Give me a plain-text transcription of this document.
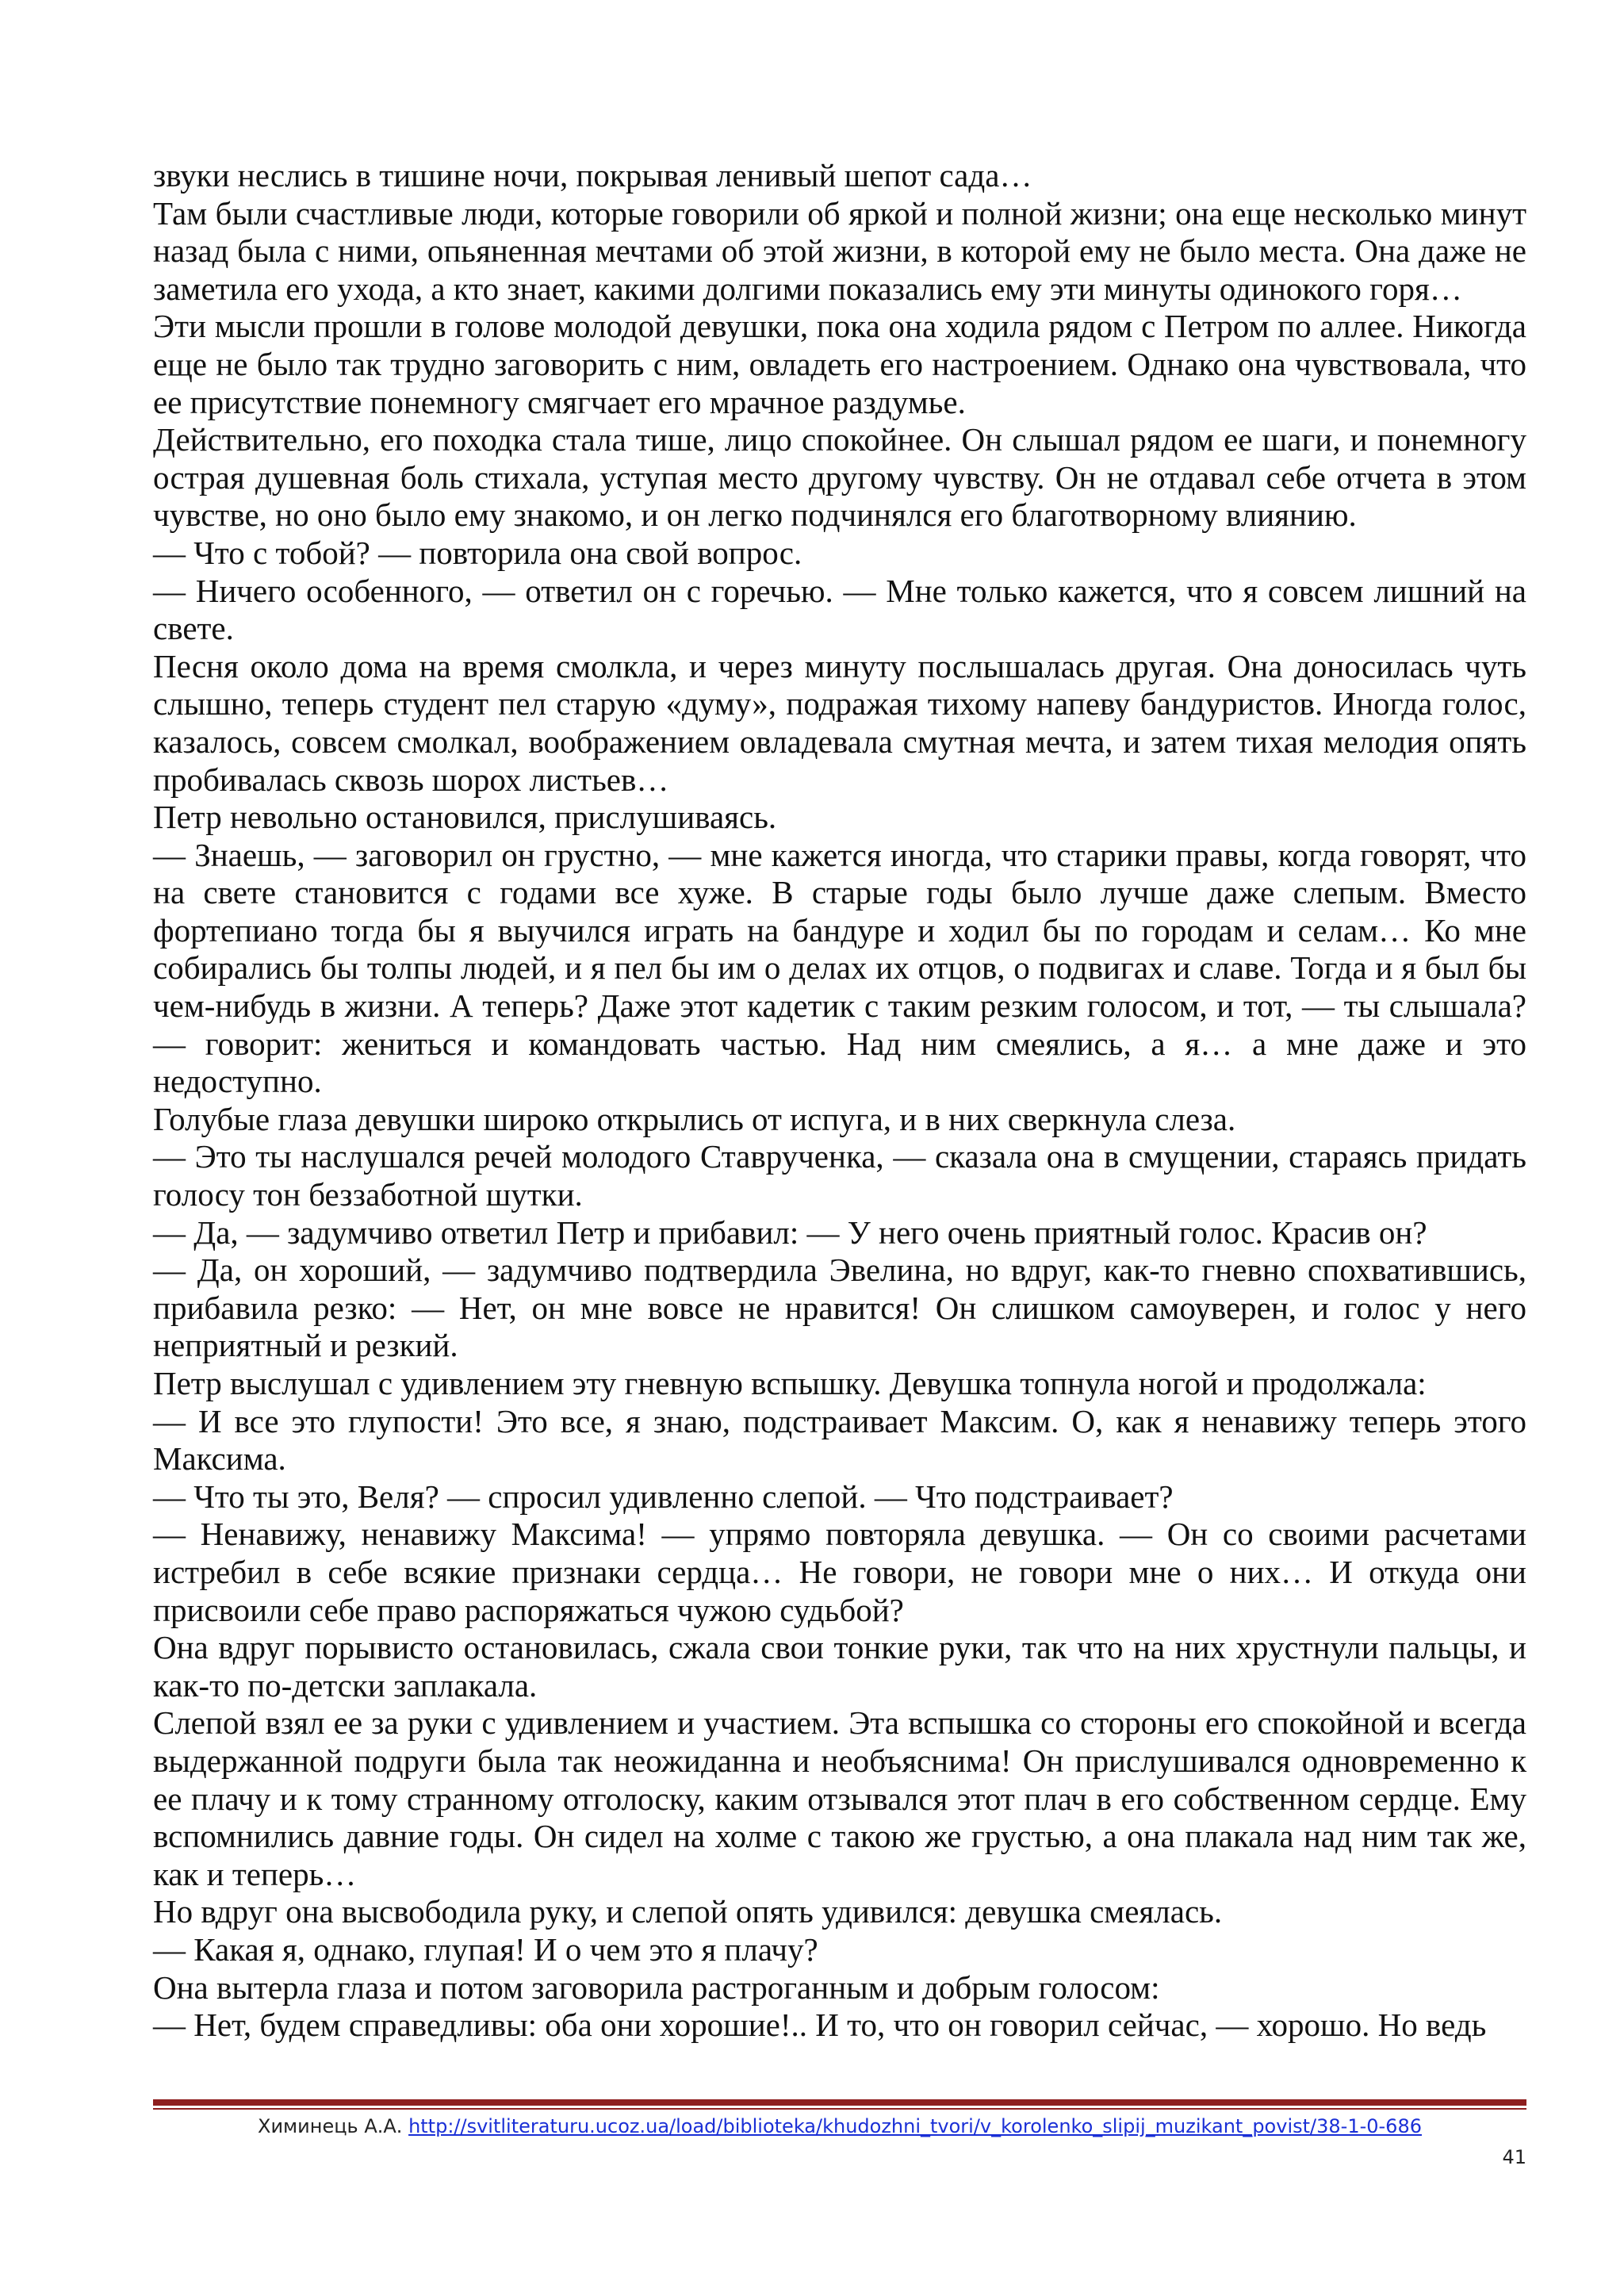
звуки неслись в тишине ночи, покрывая ленивый шепот сада…

Там были счастливые люди, которые говорили об яркой и полной жизни; она еще несколько минут назад была с ними, опьяненная мечтами об этой жизни, в которой ему не было места. Она даже не заметила его ухода, а кто знает, какими долгими показались ему эти минуты одинокого горя…

Эти мысли прошли в голове молодой девушки, пока она ходила рядом с Петром по аллее. Никогда еще не было так трудно заговорить с ним, овладеть его настроением. Однако она чувствовала, что ее присутствие понемногу смягчает его мрачное раздумье.

Действительно, его походка стала тише, лицо спокойнее. Он слышал рядом ее шаги, и понемногу острая душевная боль стихала, уступая место другому чувству. Он не отдавал себе отчета в этом чувстве, но оно было ему знакомо, и он легко подчинялся его благотворному влиянию.

— Что с тобой? — повторила она свой вопрос.

— Ничего особенного, — ответил он с горечью. — Мне только кажется, что я совсем лишний на свете.

Песня около дома на время смолкла, и через минуту послышалась другая. Она доносилась чуть слышно, теперь студент пел старую «думу», подражая тихому напеву бандуристов. Иногда голос, казалось, совсем смолкал, воображением овладевала смутная мечта, и затем тихая мелодия опять пробивалась сквозь шорох листьев…

Петр невольно остановился, прислушиваясь.

— Знаешь, — заговорил он грустно, — мне кажется иногда, что старики правы, когда говорят, что на свете становится с годами все хуже. В старые годы было лучше даже слепым. Вместо фортепиано тогда бы я выучился играть на бандуре и ходил бы по городам и селам… Ко мне собирались бы толпы людей, и я пел бы им о делах их отцов, о подвигах и славе. Тогда и я был бы чем-нибудь в жизни. А теперь? Даже этот кадетик с таким резким голосом, и тот, — ты слышала? — говорит: жениться и командовать частью. Над ним смеялись, а я… а мне даже и это недоступно.

Голубые глаза девушки широко открылись от испуга, и в них сверкнула слеза.

— Это ты наслушался речей молодого Ставрученка, — сказала она в смущении, стараясь придать голосу тон беззаботной шутки.

— Да, — задумчиво ответил Петр и прибавил: — У него очень приятный голос. Красив он?

— Да, он хороший, — задумчиво подтвердила Эвелина, но вдруг, как-то гневно спохватившись, прибавила резко: — Нет, он мне вовсе не нравится! Он слишком самоуверен, и голос у него неприятный и резкий.

Петр выслушал с удивлением эту гневную вспышку. Девушка топнула ногой и продолжала:

— И все это глупости! Это все, я знаю, подстраивает Максим. О, как я ненавижу теперь этого Максима.

— Что ты это, Веля? — спросил удивленно слепой. — Что подстраивает?

— Ненавижу, ненавижу Максима! — упрямо повторяла девушка. — Он со своими расчетами истребил в себе всякие признаки сердца… Не говори, не говори мне о них… И откуда они присвоили себе право распоряжаться чужою судьбой?

Она вдруг порывисто остановилась, сжала свои тонкие руки, так что на них хрустнули пальцы, и как-то по-детски заплакала.

Слепой взял ее за руки с удивлением и участием. Эта вспышка со стороны его спокойной и всегда выдержанной подруги была так неожиданна и необъяснима! Он прислушивался одновременно к ее плачу и к тому странному отголоску, каким отзывался этот плач в его собственном сердце. Ему вспомнились давние годы. Он сидел на холме с такою же грустью, а она плакала над ним так же, как и теперь…

Но вдруг она высвободила руку, и слепой опять удивился: девушка смеялась.

— Какая я, однако, глупая! И о чем это я плачу?

Она вытерла глаза и потом заговорила растроганным и добрым голосом:

— Нет, будем справедливы: оба они хорошие!.. И то, что он говорил сейчас, — хорошо. Но ведь

Химинець А.А. http://svitliteraturu.ucoz.ua/load/biblioteka/khudozhni_tvori/v_korolenko_slipij_muzikant_povist/38-1-0-686
41
